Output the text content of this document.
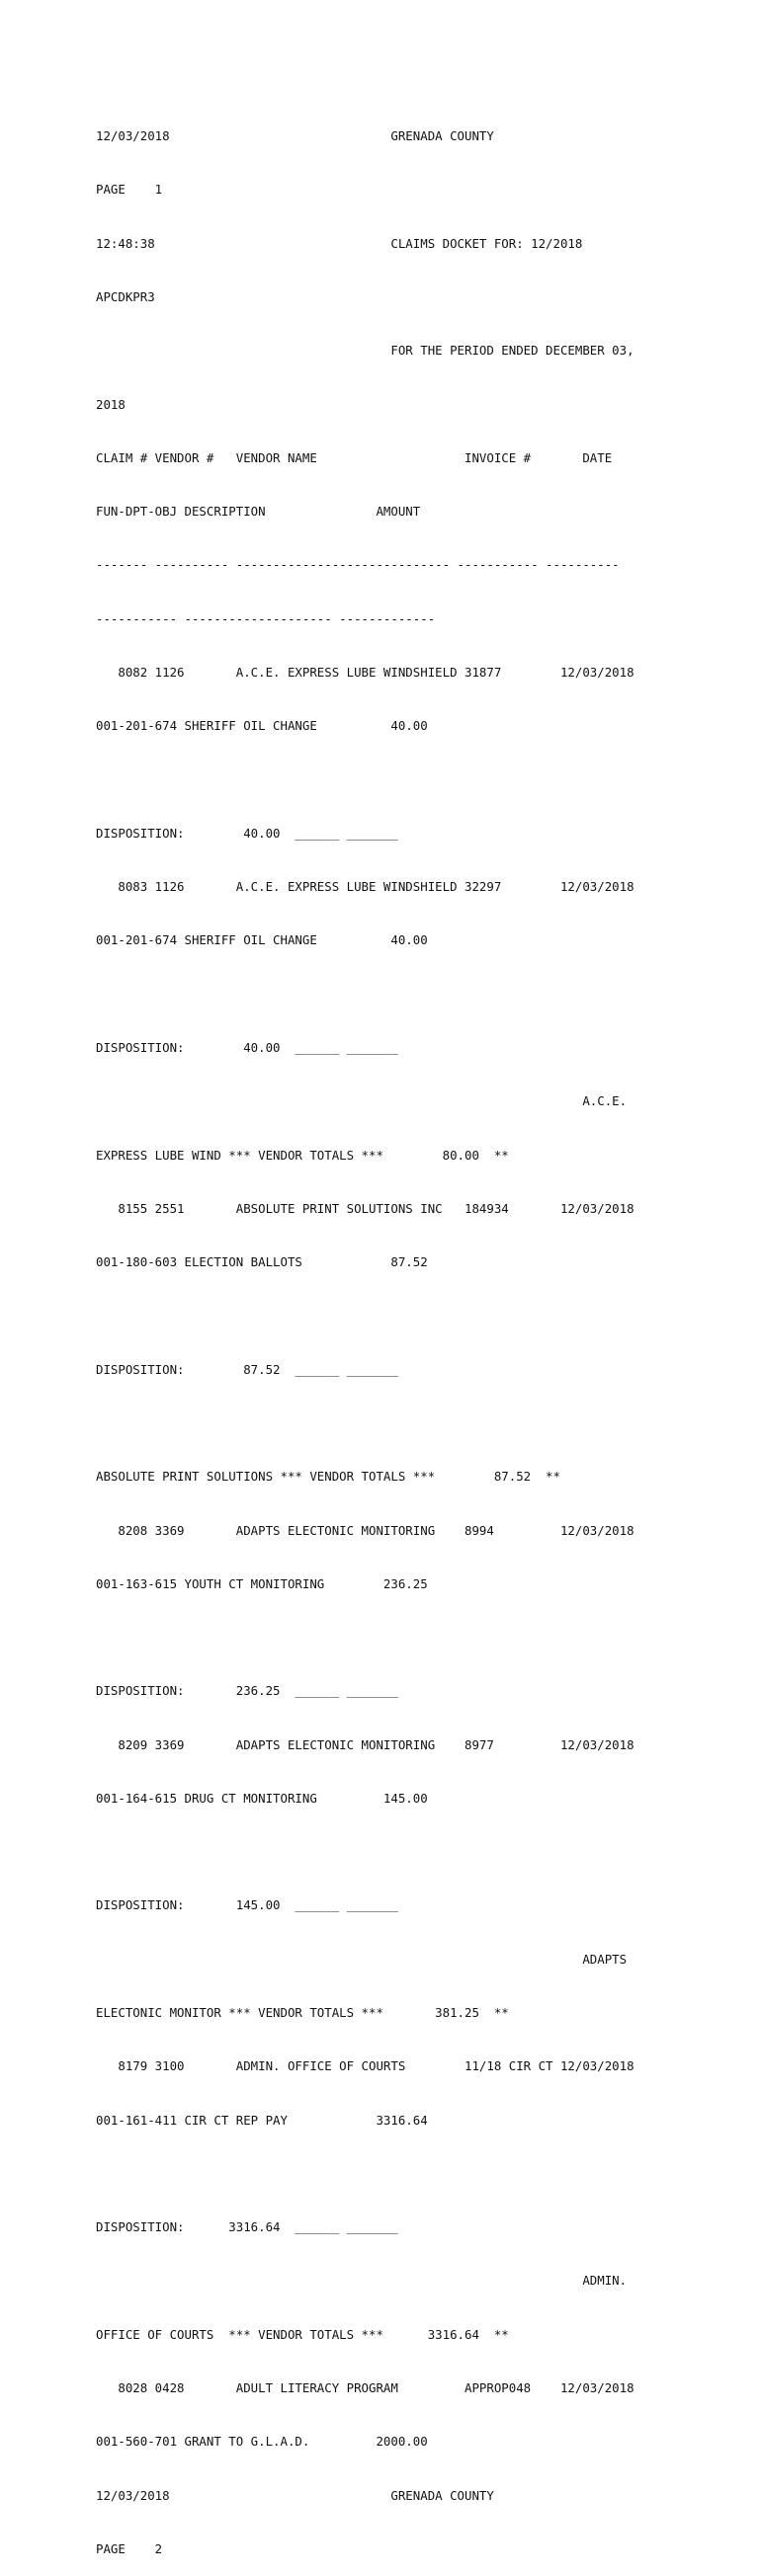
12/03/2018                              GRENADA COUNTY

PAGE    1

12:48:38                                CLAIMS DOCKET FOR: 12/2018

APCDKPR3

FOR THE PERIOD ENDED DECEMBER 03,

2018

CLAIM # VENDOR #   VENDOR NAME                    INVOICE #       DATE

FUN-DPT-OBJ DESCRIPTION               AMOUNT

------- ---------- ----------------------------- ----------- ----------

----------- -------------------- -------------

8082 1126       A.C.E. EXPRESS LUBE WINDSHIELD 31877        12/03/2018

001-201-674 SHERIFF OIL CHANGE          40.00

DISPOSITION:        40.00  ______ _______

8083 1126       A.C.E. EXPRESS LUBE WINDSHIELD 32297        12/03/2018

001-201-674 SHERIFF OIL CHANGE          40.00

DISPOSITION:        40.00  ______ _______

A.C.E.

EXPRESS LUBE WIND *** VENDOR TOTALS ***        80.00  **

8155 2551       ABSOLUTE PRINT SOLUTIONS INC   184934       12/03/2018

001-180-603 ELECTION BALLOTS            87.52

DISPOSITION:        87.52  ______ _______

ABSOLUTE PRINT SOLUTIONS *** VENDOR TOTALS ***        87.52  **

8208 3369       ADAPTS ELECTONIC MONITORING    8994         12/03/2018

001-163-615 YOUTH CT MONITORING        236.25

DISPOSITION:       236.25  ______ _______

8209 3369       ADAPTS ELECTONIC MONITORING    8977         12/03/2018

001-164-615 DRUG CT MONITORING         145.00

DISPOSITION:       145.00  ______ _______

ADAPTS

ELECTONIC MONITOR *** VENDOR TOTALS ***       381.25  **

8179 3100       ADMIN. OFFICE OF COURTS        11/18 CIR CT 12/03/2018

001-161-411 CIR CT REP PAY            3316.64

DISPOSITION:      3316.64  ______ _______

ADMIN.

OFFICE OF COURTS  *** VENDOR TOTALS ***      3316.64  **

8028 0428       ADULT LITERACY PROGRAM         APPROP048    12/03/2018

001-560-701 GRANT TO G.L.A.D.         2000.00

12/03/2018                              GRENADA COUNTY

PAGE    2
